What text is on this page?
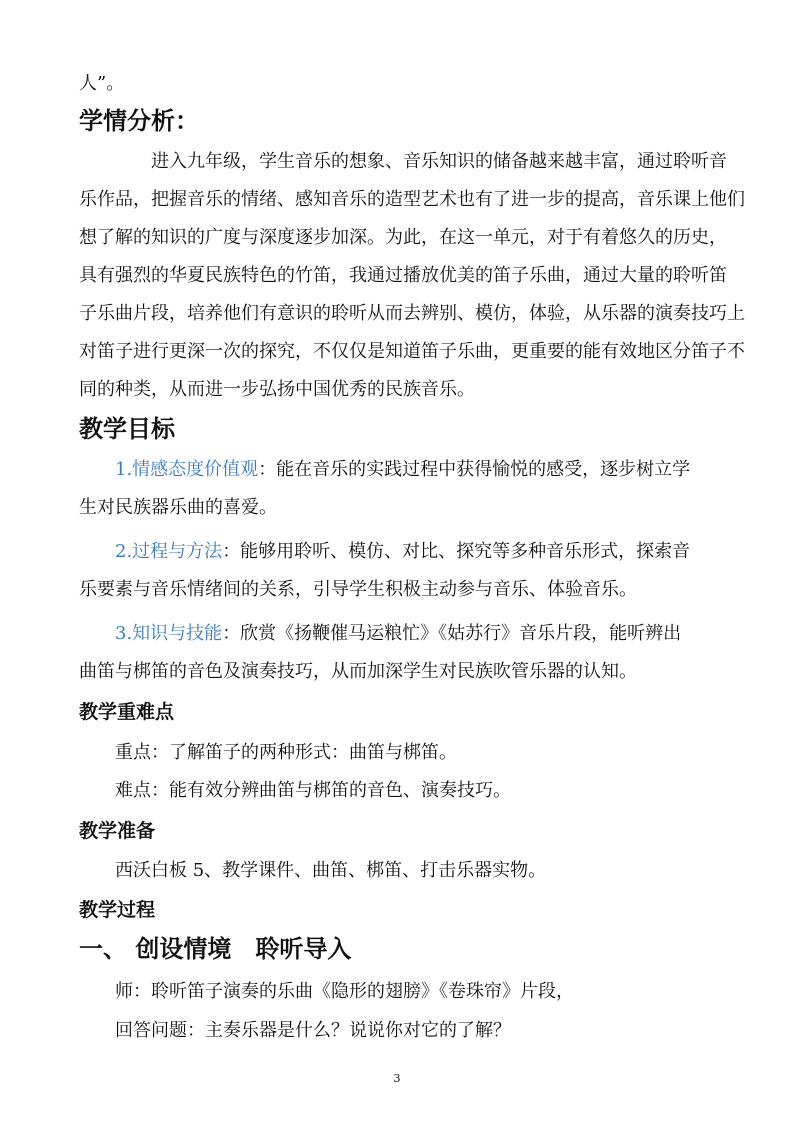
人”。
学情分析：
进入九年级，学生音乐的想象、音乐知识的储备越来越丰富，通过聆听音
乐作品，把握音乐的情绪、感知音乐的造型艺术也有了进一步的提高，音乐课上他们
想了解的知识的广度与深度逐步加深。为此，在这一单元，对于有着悠久的历史，
具有强烈的华夏民族特色的竹笛，我通过播放优美的笛子乐曲，通过大量的聆听笛
子乐曲片段，培养他们有意识的聆听从而去辨别、模仿，体验，从乐器的演奏技巧上
对笛子进行更深一次的探究，不仅仅是知道笛子乐曲，更重要的能有效地区分笛子不
同的种类，从而进一步弘扬中国优秀的民族音乐。
教学目标
1.情感态度价值观：能在音乐的实践过程中获得愉悦的感受，逐步树立学
生对民族器乐曲的喜爱。
2.过程与方法：能够用聆听、模仿、对比、探究等多种音乐形式，探索音
乐要素与音乐情绪间的关系，引导学生积极主动参与音乐、体验音乐。
3.知识与技能：欣赏《扬鞭催马运粮忙》《姑苏行》音乐片段，能听辨出
曲笛与梆笛的音色及演奏技巧，从而加深学生对民族吹管乐器的认知。
教学重难点
重点：了解笛子的两种形式：曲笛与梆笛。
难点：能有效分辨曲笛与梆笛的音色、演奏技巧。
教学准备
西沃白板 5、教学课件、曲笛、梆笛、打击乐器实物。
教学过程
一、 创设情境　聆听导入
师：聆听笛子演奏的乐曲《隐形的翅膀》《卷珠帘》片段，
回答问题：主奏乐器是什么？说说你对它的了解？
3
